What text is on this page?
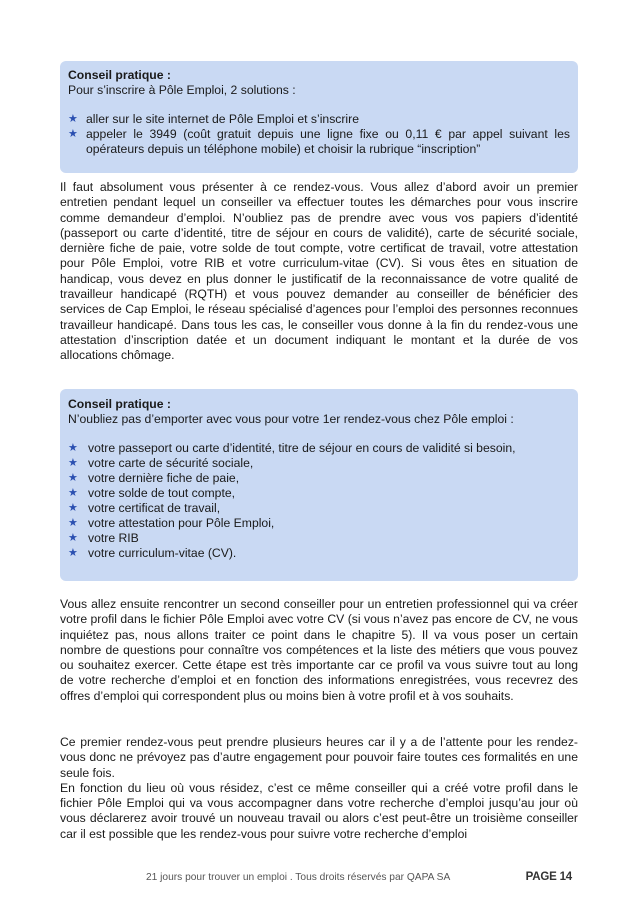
Conseil pratique :
Pour s’inscrire à Pôle Emploi, 2 solutions :
★ aller sur le site internet de Pôle Emploi et s’inscrire
★ appeler le 3949 (coût gratuit depuis une ligne fixe ou 0,11 € par appel suivant les opérateurs depuis un téléphone mobile) et choisir la rubrique “inscription”
Il faut absolument vous présenter à ce rendez-vous. Vous allez d’abord avoir un premier entretien pendant lequel un conseiller va effectuer toutes les démarches pour vous inscrire comme demandeur d’emploi. N’oubliez pas de prendre avec vous vos papiers d’identité (passeport ou carte d’identité, titre de séjour en cours de validité), carte de sécurité sociale, dernière fiche de paie, votre solde de tout compte, votre certificat de travail, votre attestation pour Pôle Emploi, votre RIB et votre curriculum-vitae (CV). Si vous êtes en situation de handicap, vous devez en plus donner le justificatif de la reconnaissance de votre qualité de travailleur handicapé (RQTH) et vous pouvez demander au conseiller de bénéficier des services de Cap Emploi, le réseau spécialisé d’agences pour l’emploi des personnes reconnues travailleur handicapé. Dans tous les cas, le conseiller vous donne à la fin du rendez-vous une attestation d’inscription datée et un document indiquant le montant et la durée de vos allocations chômage.
Conseil pratique :
N’oubliez pas d’emporter avec vous pour votre 1er rendez-vous chez Pôle emploi :
★ votre passeport ou carte d’identité, titre de séjour en cours de validité si besoin,
★ votre carte de sécurité sociale,
★ votre dernière fiche de paie,
★ votre solde de tout compte,
★ votre certificat de travail,
★ votre attestation pour Pôle Emploi,
★ votre RIB
★ votre curriculum-vitae (CV).
Vous allez ensuite rencontrer un second conseiller pour un entretien professionnel qui va créer votre profil dans le fichier Pôle Emploi avec votre CV (si vous n’avez pas encore de CV, ne vous inquiétez pas, nous allons traiter ce point dans le chapitre 5). Il va vous poser un certain nombre de questions pour connaître vos compétences et la liste des métiers que vous pouvez ou souhaitez exercer. Cette étape est très importante car ce profil va vous suivre tout au long de votre recherche d’emploi et en fonction des informations enregistrées, vous recevrez des offres d’emploi qui correspondent plus ou moins bien à votre profil et à vos souhaits.
Ce premier rendez-vous peut prendre plusieurs heures car il y a de l’attente pour les rendez-vous donc ne prévoyez pas d’autre engagement pour pouvoir faire toutes ces formalités en une seule fois.
En fonction du lieu où vous résidez, c’est ce même conseiller qui a créé votre profil dans le fichier Pôle Emploi qui va vous accompagner dans votre recherche d’emploi jusqu’au jour où vous déclarerez avoir trouvé un nouveau travail ou alors c’est peut-être un troisième conseiller car il est possible que les rendez-vous pour suivre votre recherche d’emploi
21 jours pour trouver un emploi . Tous droits réservés par QAPA SA	PAGE 14
